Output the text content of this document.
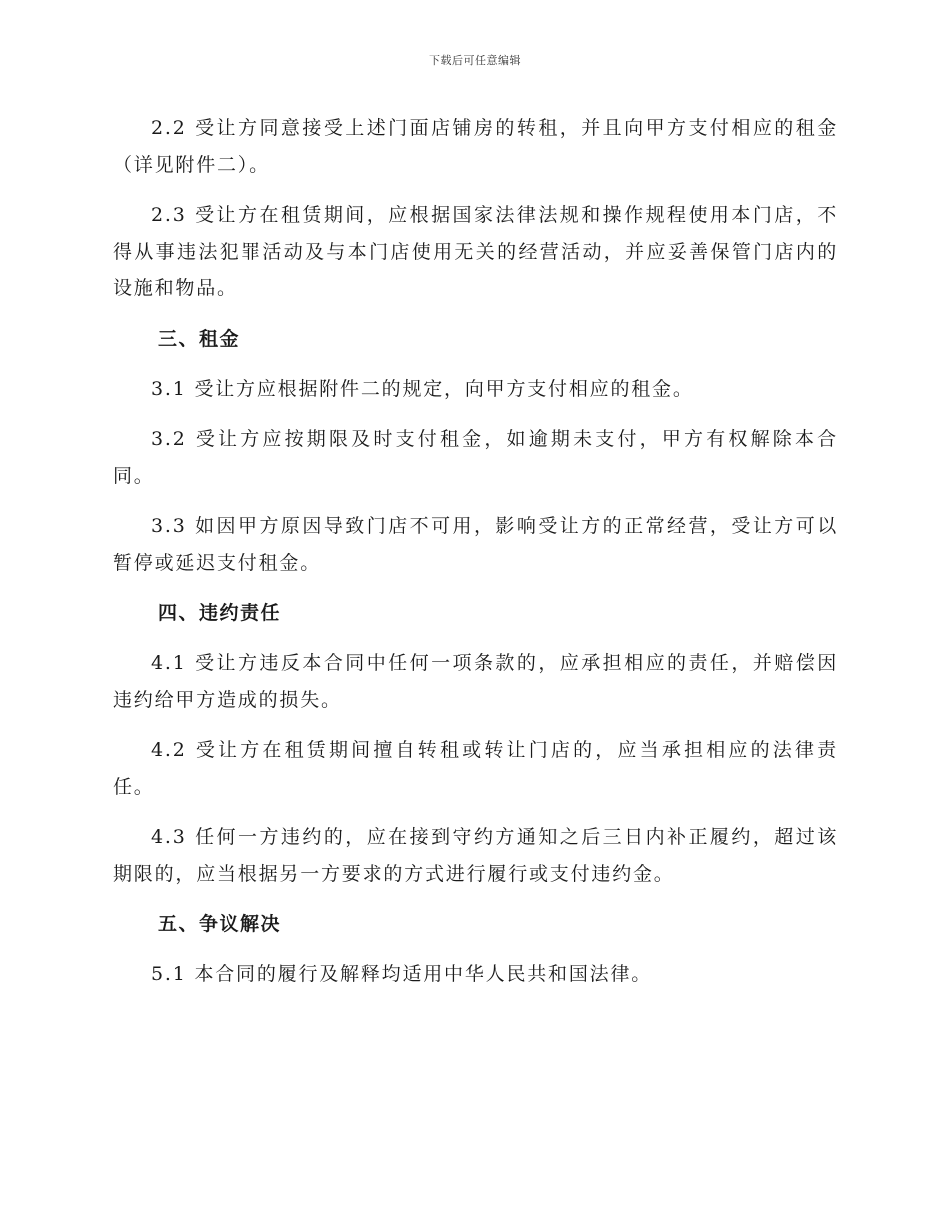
下载后可任意编辑

2.2 受让方同意接受上述门面店铺房的转租，并且向甲方支付相应的租金（详见附件二）。

2.3 受让方在租赁期间，应根据国家法律法规和操作规程使用本门店，不得从事违法犯罪活动及与本门店使用无关的经营活动，并应妥善保管门店内的设施和物品。

三、租金

3.1 受让方应根据附件二的规定，向甲方支付相应的租金。

3.2 受让方应按期限及时支付租金，如逾期未支付，甲方有权解除本合同。

3.3 如因甲方原因导致门店不可用，影响受让方的正常经营，受让方可以暂停或延迟支付租金。

四、违约责任

4.1 受让方违反本合同中任何一项条款的，应承担相应的责任，并赔偿因违约给甲方造成的损失。

4.2 受让方在租赁期间擅自转租或转让门店的，应当承担相应的法律责任。

4.3 任何一方违约的，应在接到守约方通知之后三日内补正履约，超过该期限的，应当根据另一方要求的方式进行履行或支付违约金。

五、争议解决

5.1 本合同的履行及解释均适用中华人民共和国法律。
